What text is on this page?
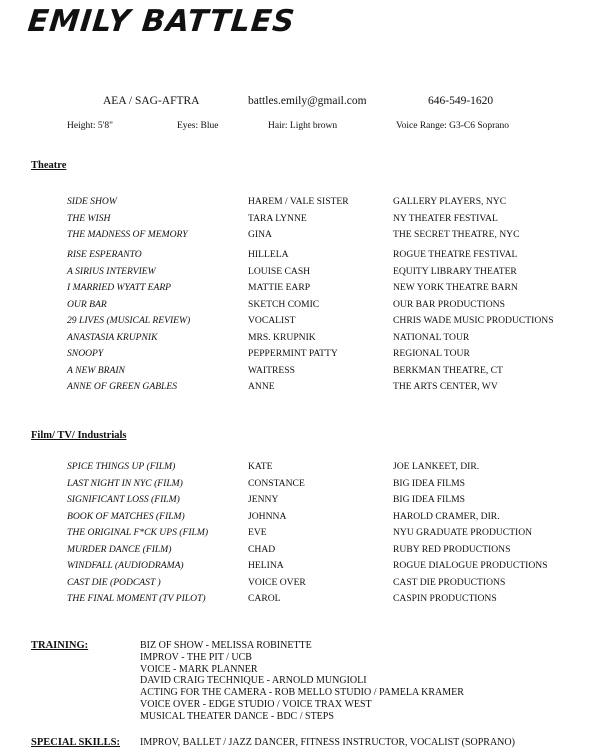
EMILY BATTLES
AEA / SAG-AFTRA	battles.emily@gmail.com	646-549-1620
Height: 5'8"	Eyes: Blue	Hair: Light brown	Voice Range: G3-C6 Soprano
Theatre
SIDE SHOW	HAREM / VALE SISTER	GALLERY PLAYERS, NYC
THE WISH	TARA LYNNE	NY THEATER FESTIVAL
THE MADNESS OF MEMORY	GINA	THE SECRET THEATRE, NYC
RISE ESPERANTO	HILLELA	ROGUE THEATRE FESTIVAL
A SIRIUS INTERVIEW	LOUISE CASH	EQUITY LIBRARY THEATER
I MARRIED WYATT EARP	MATTIE EARP	NEW YORK THEATRE BARN
OUR BAR	SKETCH COMIC	OUR BAR PRODUCTIONS
29 LIVES (MUSICAL REVIEW)	VOCALIST	CHRIS WADE MUSIC PRODUCTIONS
ANASTASIA KRUPNIK	MRS. KRUPNIK	NATIONAL TOUR
SNOOPY	PEPPERMINT PATTY	REGIONAL TOUR
A NEW BRAIN	WAITRESS	BERKMAN THEATRE, CT
ANNE OF GREEN GABLES	ANNE	THE ARTS CENTER, WV
Film/ TV/ Industrials
SPICE THINGS UP (FILM)	KATE	JOE LANKEET, DIR.
LAST NIGHT IN NYC (FILM)	CONSTANCE	BIG IDEA FILMS
SIGNIFICANT LOSS (FILM)	JENNY	BIG IDEA FILMS
BOOK OF MATCHES (FILM)	JOHNNA	HAROLD CRAMER, DIR.
THE ORIGINAL F*CK UPS (FILM)	EVE	NYU GRADUATE PRODUCTION
MURDER DANCE (FILM)	CHAD	RUBY RED PRODUCTIONS
WINDFALL (AUDIODRAMA)	HELINA	ROGUE DIALOGUE PRODUCTIONS
CAST DIE (PODCAST )	VOICE OVER	CAST DIE PRODUCTIONS
THE FINAL MOMENT (TV PILOT)	CAROL	CASPIN PRODUCTIONS
TRAINING:	BIZ OF SHOW - MELISSA ROBINETTE
IMPROV - THE PIT / UCB
VOICE - MARK PLANNER
DAVID CRAIG TECHNIQUE - ARNOLD MUNGIOLI
ACTING FOR THE CAMERA - ROB MELLO STUDIO / PAMELA KRAMER
VOICE OVER - EDGE STUDIO / VOICE TRAX WEST
MUSICAL THEATER DANCE - BDC / STEPS
SPECIAL SKILLS: IMPROV, BALLET / JAZZ DANCER, FITNESS INSTRUCTOR, VOCALIST (SOPRANO)
